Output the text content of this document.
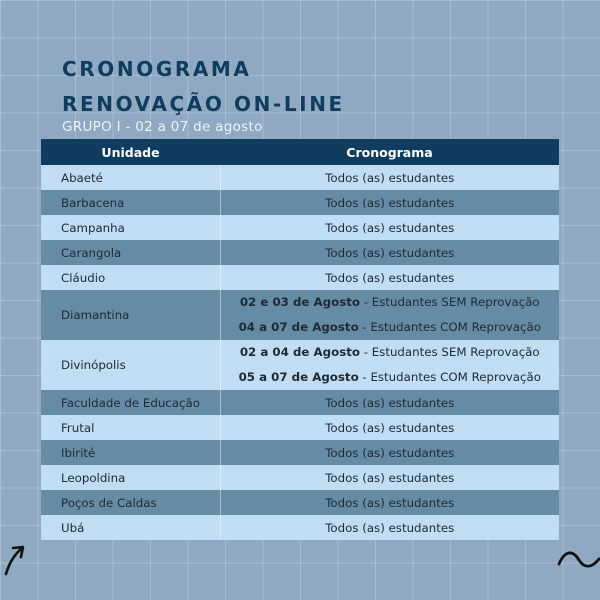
CRONOGRAMA
RENOVAÇÃO ON-LINE
GRUPO I - 02 a 07 de agosto
Unidade	Cronograma
Abaeté	Todos (as) estudantes
Barbacena	Todos (as) estudantes
Campanha	Todos (as) estudantes
Carangola	Todos (as) estudantes
Cláudio	Todos (as) estudantes
Diamantina	02 e 03 de Agosto - Estudantes SEM Reprovação
04 a 07 de Agosto - Estudantes COM Reprovação

Divinópolis	02 a 04 de Agosto - Estudantes SEM Reprovação
05 a 07 de Agosto - Estudantes COM Reprovação

Faculdade de Educação	Todos (as) estudantes
Frutal	Todos (as) estudantes
Ibirité	Todos (as) estudantes
Leopoldina	Todos (as) estudantes
Poços de Caldas	Todos (as) estudantes
Ubá	Todos (as) estudantes
